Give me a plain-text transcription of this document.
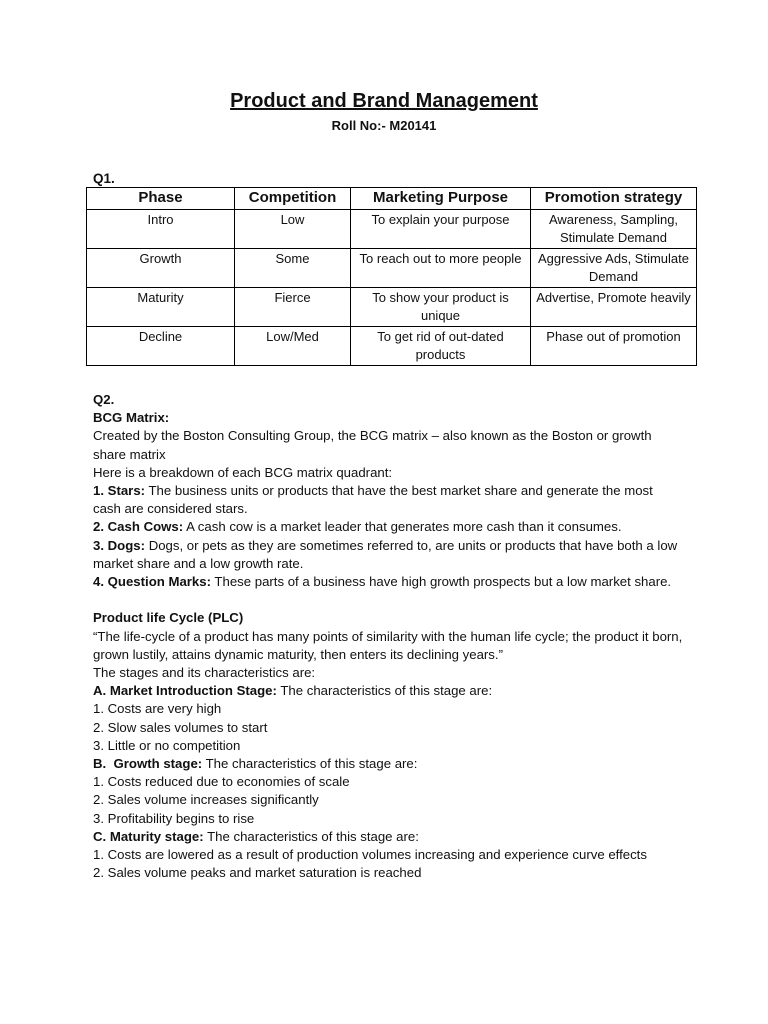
Product and Brand Management
Roll No:- M20141
Q1.
Phase	Competition	Marketing Purpose	Promotion strategy
Intro	Low	To explain your purpose	Awareness, Sampling, Stimulate Demand
Growth	Some	To reach out to more people	Aggressive Ads, Stimulate Demand
Maturity	Fierce	To show your product is unique	Advertise, Promote heavily
Decline	Low/Med	To get rid of out-dated products	Phase out of promotion

Q2.

BCG Matrix:

Created by the Boston Consulting Group, the BCG matrix – also known as the Boston or growth share matrix

Here is a breakdown of each BCG matrix quadrant:

1. Stars: The business units or products that have the best market share and generate the most cash are considered stars.

2. Cash Cows: A cash cow is a market leader that generates more cash than it consumes.

3. Dogs: Dogs, or pets as they are sometimes referred to, are units or products that have both a low market share and a low growth rate.

4. Question Marks: These parts of a business have high growth prospects but a low market share.

Product life Cycle (PLC)

“The life-cycle of a product has many points of similarity with the human life cycle; the product it born, grown lustily, attains dynamic maturity, then enters its declining years.”

The stages and its characteristics are:

A. Market Introduction Stage: The characteristics of this stage are:

1. Costs are very high

2. Slow sales volumes to start

3. Little or no competition

B.  Growth stage: The characteristics of this stage are:

1. Costs reduced due to economies of scale

2. Sales volume increases significantly

3. Profitability begins to rise

C. Maturity stage: The characteristics of this stage are:

1. Costs are lowered as a result of production volumes increasing and experience curve effects

2. Sales volume peaks and market saturation is reached
